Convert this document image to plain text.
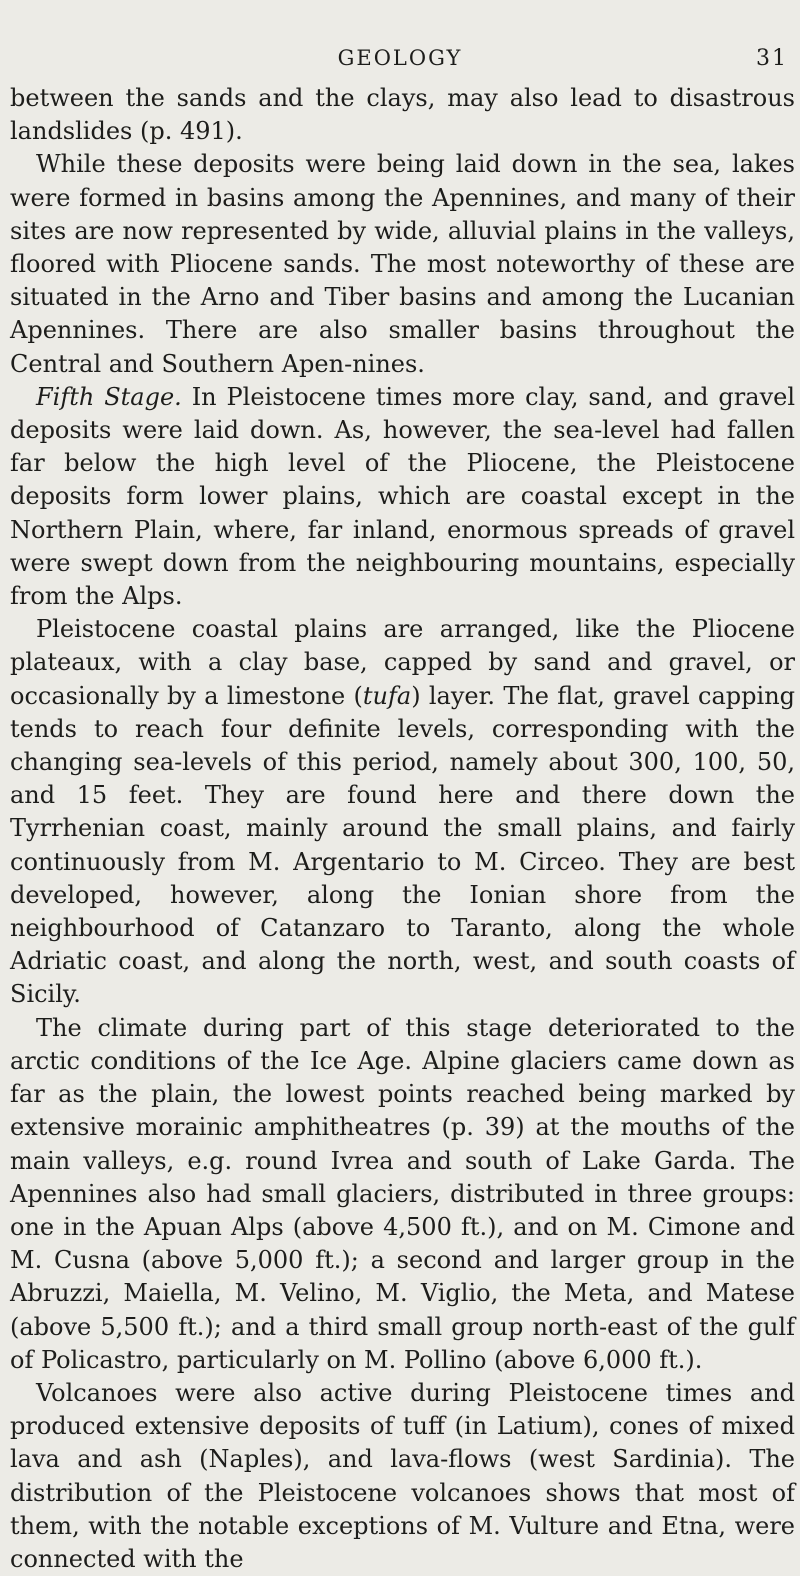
GEOLOGY	31

between the sands and the clays, may also lead to disastrous landslides (p. 491).

While these deposits were being laid down in the sea, lakes were formed in basins among the Apennines, and many of their sites are now represented by wide, alluvial plains in the valleys, floored with Pliocene sands. The most noteworthy of these are situated in the Arno and Tiber basins and among the Lucanian Apennines. There are also smaller basins throughout the Central and Southern Apen-nines.

Fifth Stage. In Pleistocene times more clay, sand, and gravel deposits were laid down. As, however, the sea-level had fallen far below the high level of the Pliocene, the Pleistocene deposits form lower plains, which are coastal except in the Northern Plain, where, far inland, enormous spreads of gravel were swept down from the neighbouring mountains, especially from the Alps.

Pleistocene coastal plains are arranged, like the Pliocene plateaux, with a clay base, capped by sand and gravel, or occasionally by a limestone (tufa) layer. The flat, gravel capping tends to reach four definite levels, corresponding with the changing sea-levels of this period, namely about 300, 100, 50, and 15 feet. They are found here and there down the Tyrrhenian coast, mainly around the small plains, and fairly continuously from M. Argentario to M. Circeo. They are best developed, however, along the Ionian shore from the neighbourhood of Catanzaro to Taranto, along the whole Adriatic coast, and along the north, west, and south coasts of Sicily.

The climate during part of this stage deteriorated to the arctic conditions of the Ice Age. Alpine glaciers came down as far as the plain, the lowest points reached being marked by extensive morainic amphitheatres (p. 39) at the mouths of the main valleys, e.g. round Ivrea and south of Lake Garda. The Apennines also had small glaciers, distributed in three groups: one in the Apuan Alps (above 4,500 ft.), and on M. Cimone and M. Cusna (above 5,000 ft.); a second and larger group in the Abruzzi, Maiella, M. Velino, M. Viglio, the Meta, and Matese (above 5,500 ft.); and a third small group north-east of the gulf of Policastro, particularly on M. Pollino (above 6,000 ft.).

Volcanoes were also active during Pleistocene times and produced extensive deposits of tuff (in Latium), cones of mixed lava and ash (Naples), and lava-flows (west Sardinia). The distribution of the Pleistocene volcanoes shows that most of them, with the notable exceptions of M. Vulture and Etna, were connected with the
